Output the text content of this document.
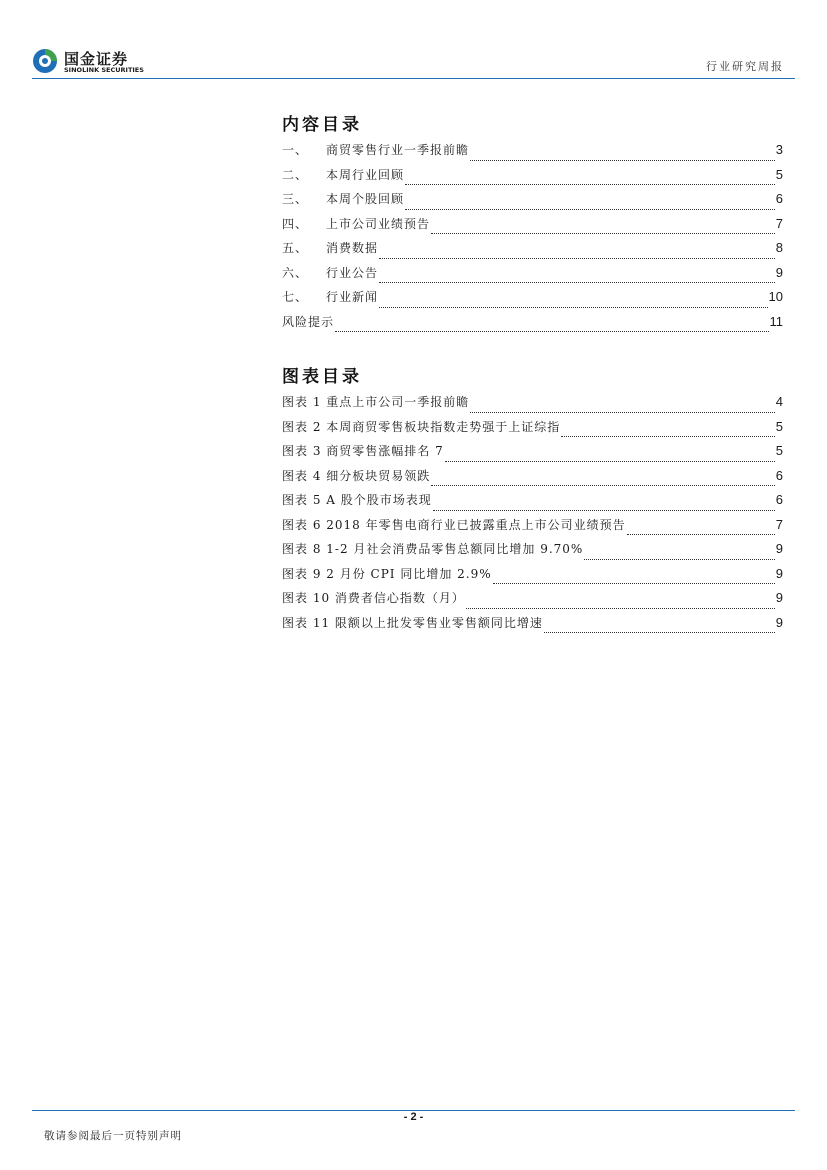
国金证券
SINOLINK SECURITIES	行业研究周报
内容目录
一、 商贸零售行业一季报前瞻	3
二、 本周行业回顾	5
三、 本周个股回顾	6
四、 上市公司业绩预告	7
五、 消费数据	8
六、 行业公告	9
七、 行业新闻	10
风险提示	11
图表目录
图表 1 重点上市公司一季报前瞻	4
图表 2 本周商贸零售板块指数走势强于上证综指	5
图表 3 商贸零售涨幅排名 7	5
图表 4 细分板块贸易领跌	6
图表 5 A 股个股市场表现	6
图表 6 2018 年零售电商行业已披露重点上市公司业绩预告	7
图表 8 1-2 月社会消费品零售总额同比增加 9.70%	9
图表 9 2 月份 CPI 同比增加 2.9%	9
图表 10 消费者信心指数（月）	9
图表 11 限额以上批发零售业零售额同比增速	9
- 2 -
敬请参阅最后一页特别声明
